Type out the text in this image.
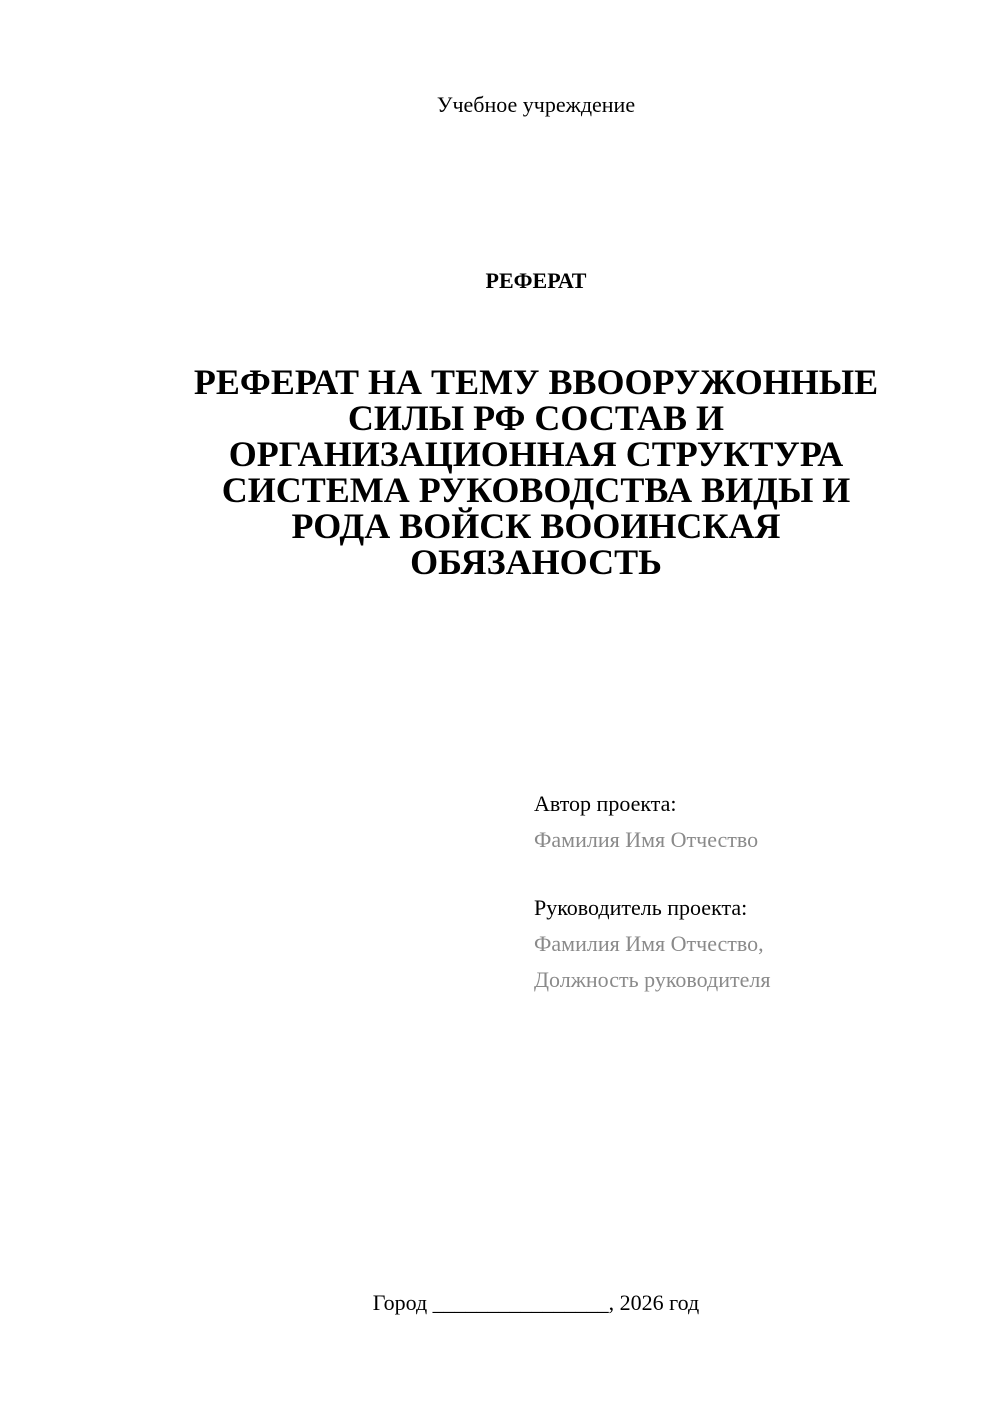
Учебное учреждение
РЕФЕРАТ
РЕФЕРАТ НА ТЕМУ ВВООРУЖОННЫЕ
СИЛЫ РФ СОСТАВ И
ОРГАНИЗАЦИОННАЯ СТРУКТУРА
СИСТЕМА РУКОВОДСТВА ВИДЫ И
РОДА ВОЙСК ВООИНСКАЯ
ОБЯЗАНОСТЬ
Автор проекта:
Фамилия Имя Отчество
Руководитель проекта:
Фамилия Имя Отчество,
Должность руководителя
Город ________________, 2026 год
